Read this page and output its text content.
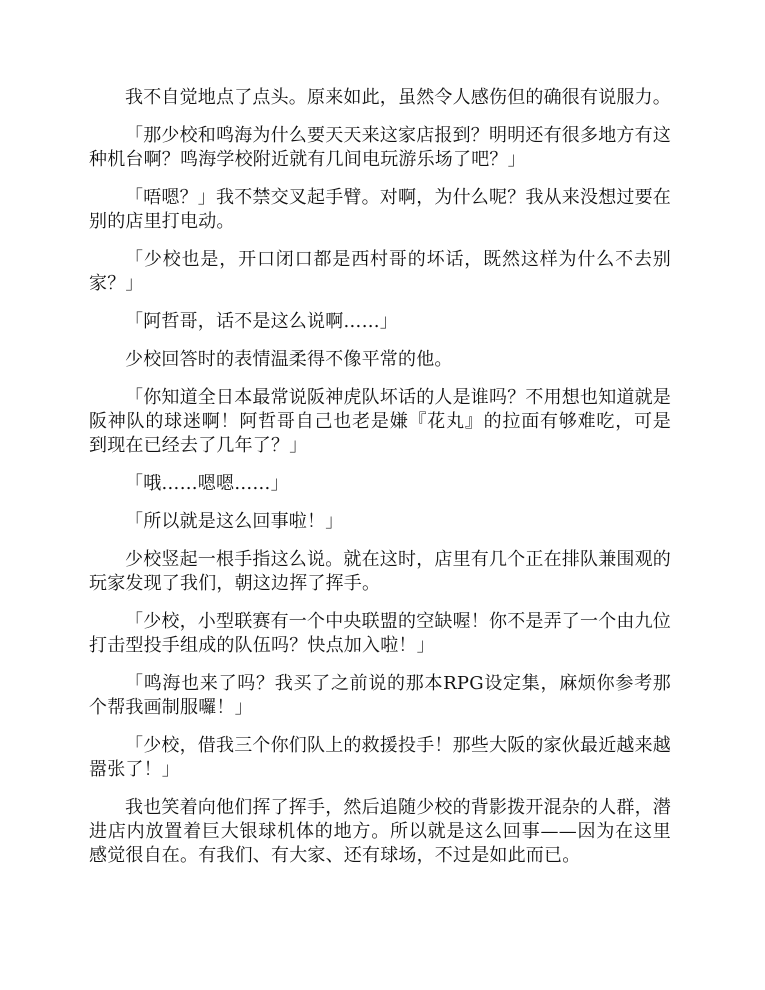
我不自觉地点了点头。原来如此，虽然令人感伤但的确很有说服力。

「那少校和鸣海为什么要天天来这家店报到？明明还有很多地方有这种机台啊？鸣海学校附近就有几间电玩游乐场了吧？」

「唔嗯？」我不禁交叉起手臂。对啊，为什么呢？我从来没想过要在别的店里打电动。

「少校也是，开口闭口都是西村哥的坏话，既然这样为什么不去别家？」

「阿哲哥，话不是这么说啊……」

少校回答时的表情温柔得不像平常的他。

「你知道全日本最常说阪神虎队坏话的人是谁吗？不用想也知道就是阪神队的球迷啊！阿哲哥自己也老是嫌『花丸』的拉面有够难吃，可是到现在已经去了几年了？」

「哦……嗯嗯……」

「所以就是这么回事啦！」

少校竖起一根手指这么说。就在这时，店里有几个正在排队兼围观的玩家发现了我们，朝这边挥了挥手。

「少校，小型联赛有一个中央联盟的空缺喔！你不是弄了一个由九位打击型投手组成的队伍吗？快点加入啦！」

「鸣海也来了吗？我买了之前说的那本RPG设定集，麻烦你参考那个帮我画制服囉！」

「少校，借我三个你们队上的救援投手！那些大阪的家伙最近越来越嚣张了！」

我也笑着向他们挥了挥手，然后追随少校的背影拨开混杂的人群，潜进店内放置着巨大银球机体的地方。所以就是这么回事——因为在这里感觉很自在。有我们、有大家、还有球场，不过是如此而已。
